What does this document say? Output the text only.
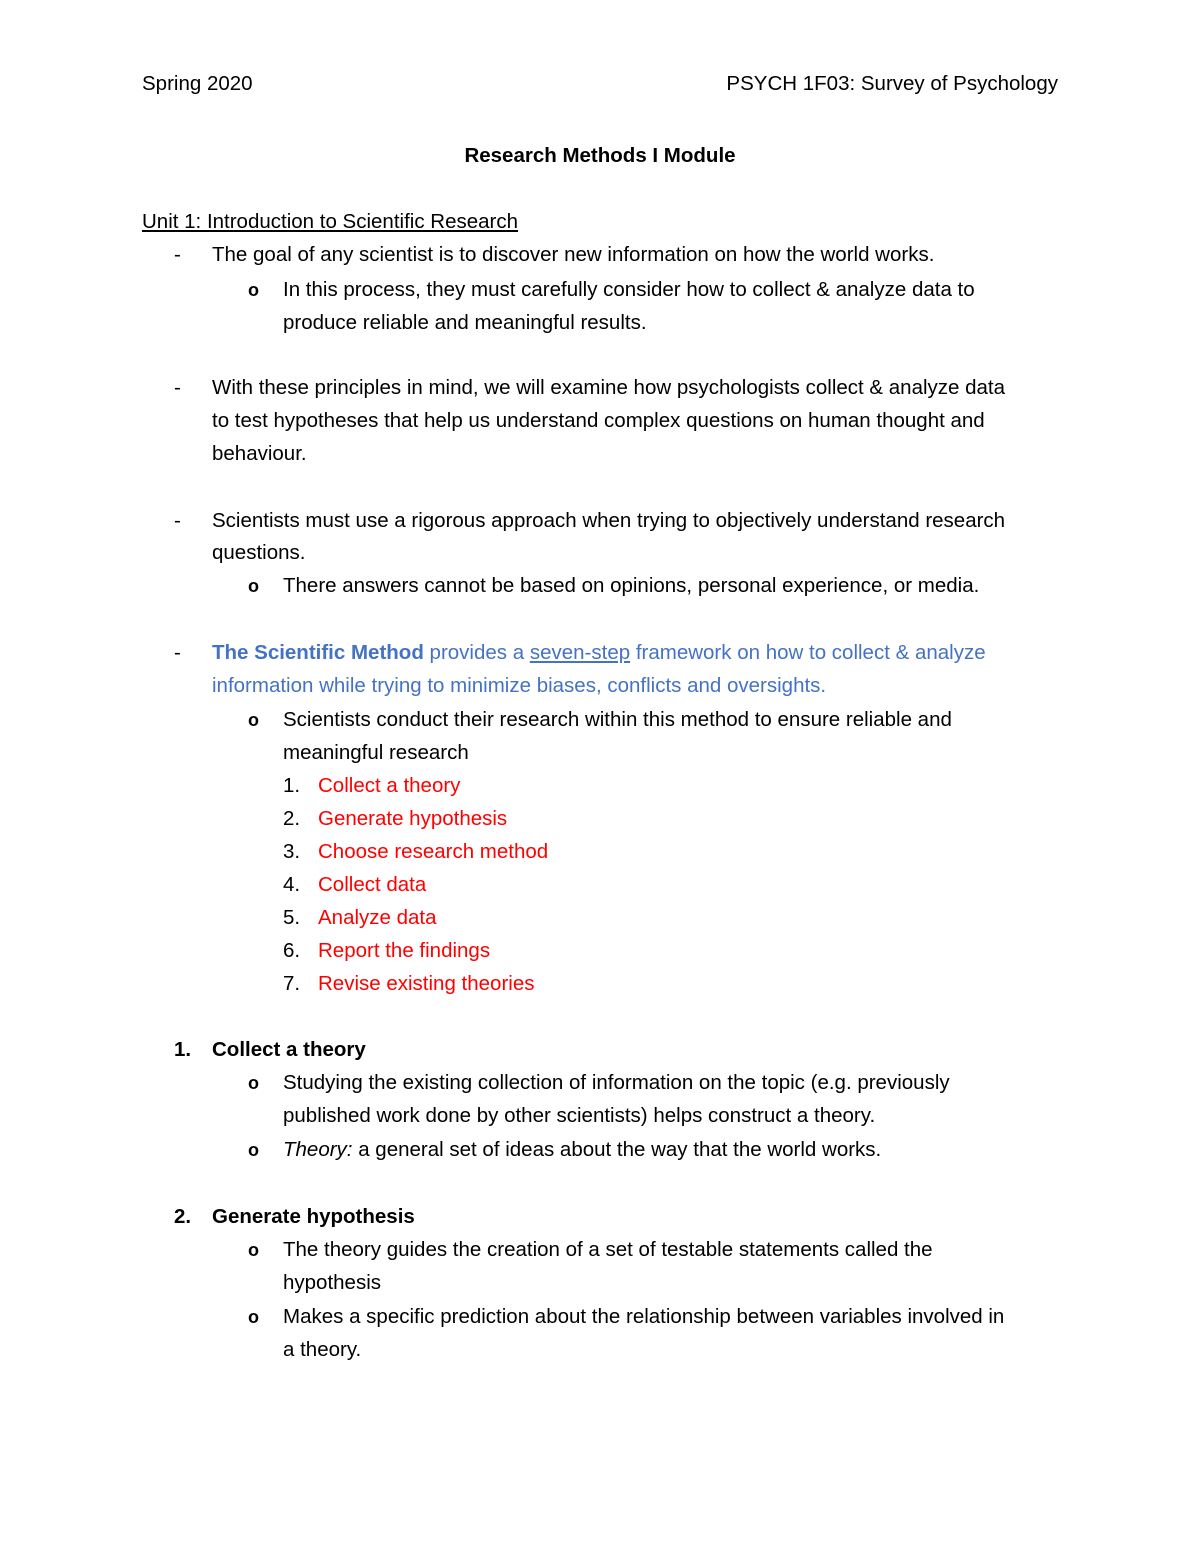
Spring 2020	PSYCH 1F03: Survey of Psychology
Research Methods I Module
Unit 1: Introduction to Scientific Research
- The goal of any scientist is to discover new information on how the world works.
o In this process, they must carefully consider how to collect & analyze data to
produce reliable and meaningful results.
- With these principles in mind, we will examine how psychologists collect & analyze data
to test hypotheses that help us understand complex questions on human thought and
behaviour.
- Scientists must use a rigorous approach when trying to objectively understand research
questions.
o There answers cannot be based on opinions, personal experience, or media.
- The Scientific Method provides a seven-step framework on how to collect & analyze
information while trying to minimize biases, conflicts and oversights.
o Scientists conduct their research within this method to ensure reliable and
meaningful research
1. Collect a theory
2. Generate hypothesis
3. Choose research method
4. Collect data
5. Analyze data
6. Report the findings
7. Revise existing theories
1. Collect a theory
o Studying the existing collection of information on the topic (e.g. previously
published work done by other scientists) helps construct a theory.
o Theory: a general set of ideas about the way that the world works.
2. Generate hypothesis
o The theory guides the creation of a set of testable statements called the
hypothesis
o Makes a specific prediction about the relationship between variables involved in
a theory.
